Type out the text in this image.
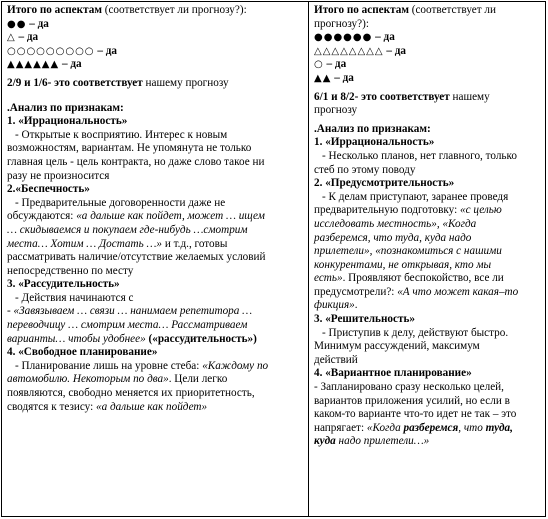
Итого по аспектам (соответствует ли прогнозу?):
●● – да
△ – да
○○○○○○○○○ – да
▲▲▲▲▲▲ – да
2/9 и 1/6- это соответствует нашему прогнозу
.Анализ по признакам:
1. «Иррациональность»
- Открытые к восприятию. Интерес к новым
возможностям, вариантам. Не упомянута не только
главная цель - цель контракта, но даже слово такое ни
разу не произносится
2.«Беспечность»
- Предварительные договоренности даже не
обсуждаются: «а дальше как пойдет, может … ищем
… скидываемся и покупаем где-нибудь …смотрим
места… Хотим … Достать …» и т.д., готовы
рассматривать наличие/отсутствие желаемых условий
непосредственно по месту
3. «Рассудительность»
- Действия начинаются с
- «Завязываем … связи … нанимаем репетитора …
переводчицу … смотрим места… Рассматриваем
варианты… чтобы удобнее» («рассудительность»)
4. «Свободное планирование»
- Планирование лишь на уровне стеба: «Каждому по
автомобилю. Некоторым по два». Цели легко
появляются, свободно меняется их приоритетность,
сводятся к тезису: «а дальше как пойдет»
Итого по аспектам (соответствует ли
прогнозу?):
●●●●●● – да
△△△△△△△△ – да
○ – да
▲▲ – да
6/1 и 8/2- это соответствует нашему
прогнозу
.Анализ по признакам:
1. «Иррациональность»
- Несколько планов, нет главного, только
стеб по этому поводу
2. «Предусмотрительность»
- К делам приступают, заранее проведя
предварительную подготовку: «с целью
исследовать местность», «Когда
разберемся, что туда, куда надо
прилетели», «познакомиться с нашими
конкурентами, не открывая, кто мы
есть». Проявляют беспокойство, все ли
предусмотрели?: «А что может какая–то
фикция».
3. «Решительность»
- Приступив к делу, действуют быстро.
Минимум рассуждений, максимум
действий
4. «Вариантное планирование»
- Запланировано сразу несколько целей,
вариантов приложения усилий, но если в
каком-то варианте что-то идет не так – это
напрягает: «Когда разберемся, что туда,
куда надо прилетели…»
